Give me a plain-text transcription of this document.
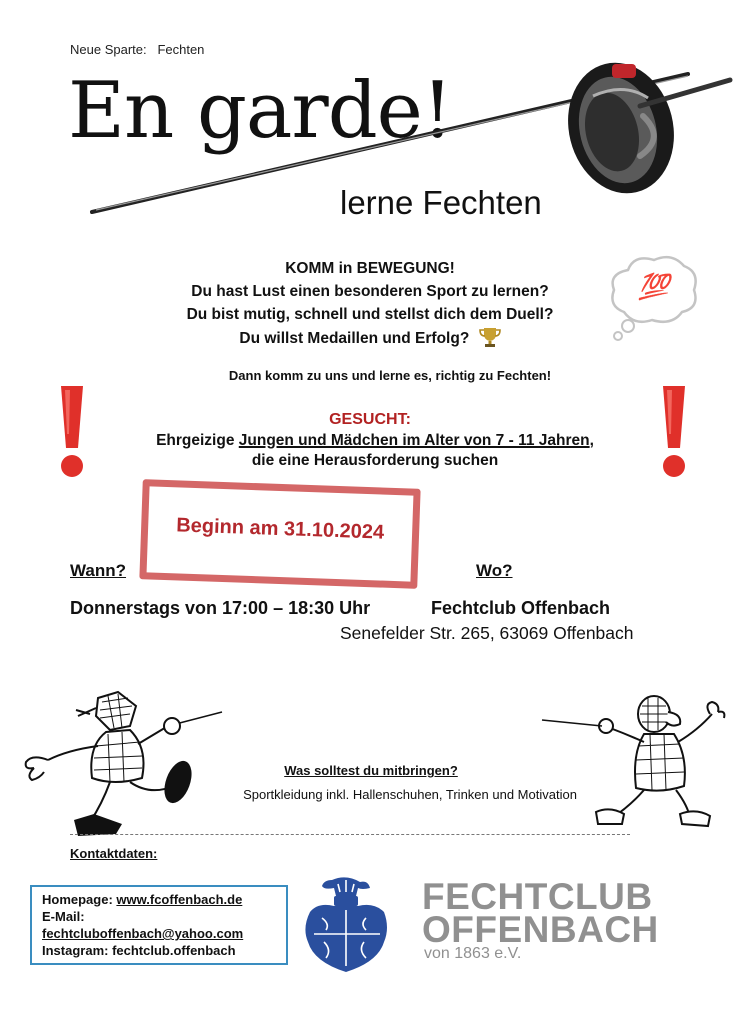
Neue Sparte:   Fechten
En garde!
lerne Fechten
💯
KOMM in BEWEGUNG!
Du hast Lust einen besonderen Sport zu lernen?
Du bist mutig, schnell und stellst dich dem Duell?
Du willst Medaillen und Erfolg?
Dann komm zu uns und lerne es, richtig zu Fechten!
GESUCHT:
Ehrgeizige Jungen und Mädchen im Alter von 7 - 11 Jahren,
die eine Herausforderung suchen
Beginn am 31.10.2024
Wann?	Wo?
Donnerstags von 17:00 – 18:30 Uhr	Fechtclub Offenbach
Senefelder Str. 265, 63069 Offenbach
Was solltest du mitbringen?
Sportkleidung inkl. Hallenschuhen, Trinken und Motivation
Kontaktdaten:
Homepage: www.fcoffenbach.de
E-Mail:
fechtcluboffenbach@yahoo.com
Instagram: fechtclub.offenbach
FECHTCLUB
OFFENBACH
von 1863 e.V.
